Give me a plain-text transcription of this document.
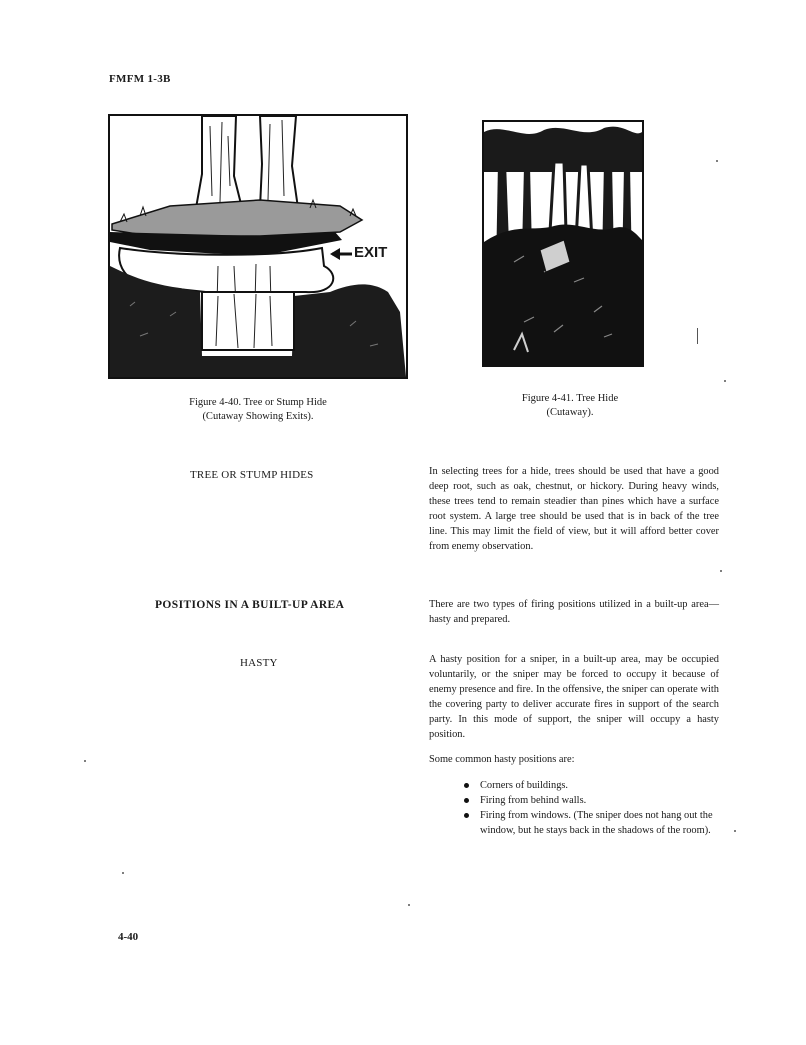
FMFM 1-3B
EXIT
Figure 4-40. Tree or Stump Hide
(Cutaway Showing Exits).
Figure 4-41. Tree Hide
(Cutaway).
TREE OR STUMP HIDES	In selecting trees for a hide, trees should be used that have a good deep root, such as oak, chestnut, or hickory. During heavy winds, these trees tend to remain steadier than pines which have a surface root system. A large tree should be used that is in back of the tree line. This may limit the field of view, but it will afford better cover from enemy observation.
POSITIONS IN A BUILT-UP AREA	There are two types of firing positions utilized in a built-up area—hasty and prepared.
HASTY	A hasty position for a sniper, in a built-up area, may be occupied voluntarily, or the sniper may be forced to occupy it because of enemy presence and fire. In the offensive, the sniper can operate with the covering party to deliver accurate fires in support of the search party. In this mode of support, the sniper will occupy a hasty position.
Some common hasty positions are:
Corners of buildings.
Firing from behind walls.
Firing from windows. (The sniper does not hang out the window, but he stays back in the shadows of the room).
4-40
